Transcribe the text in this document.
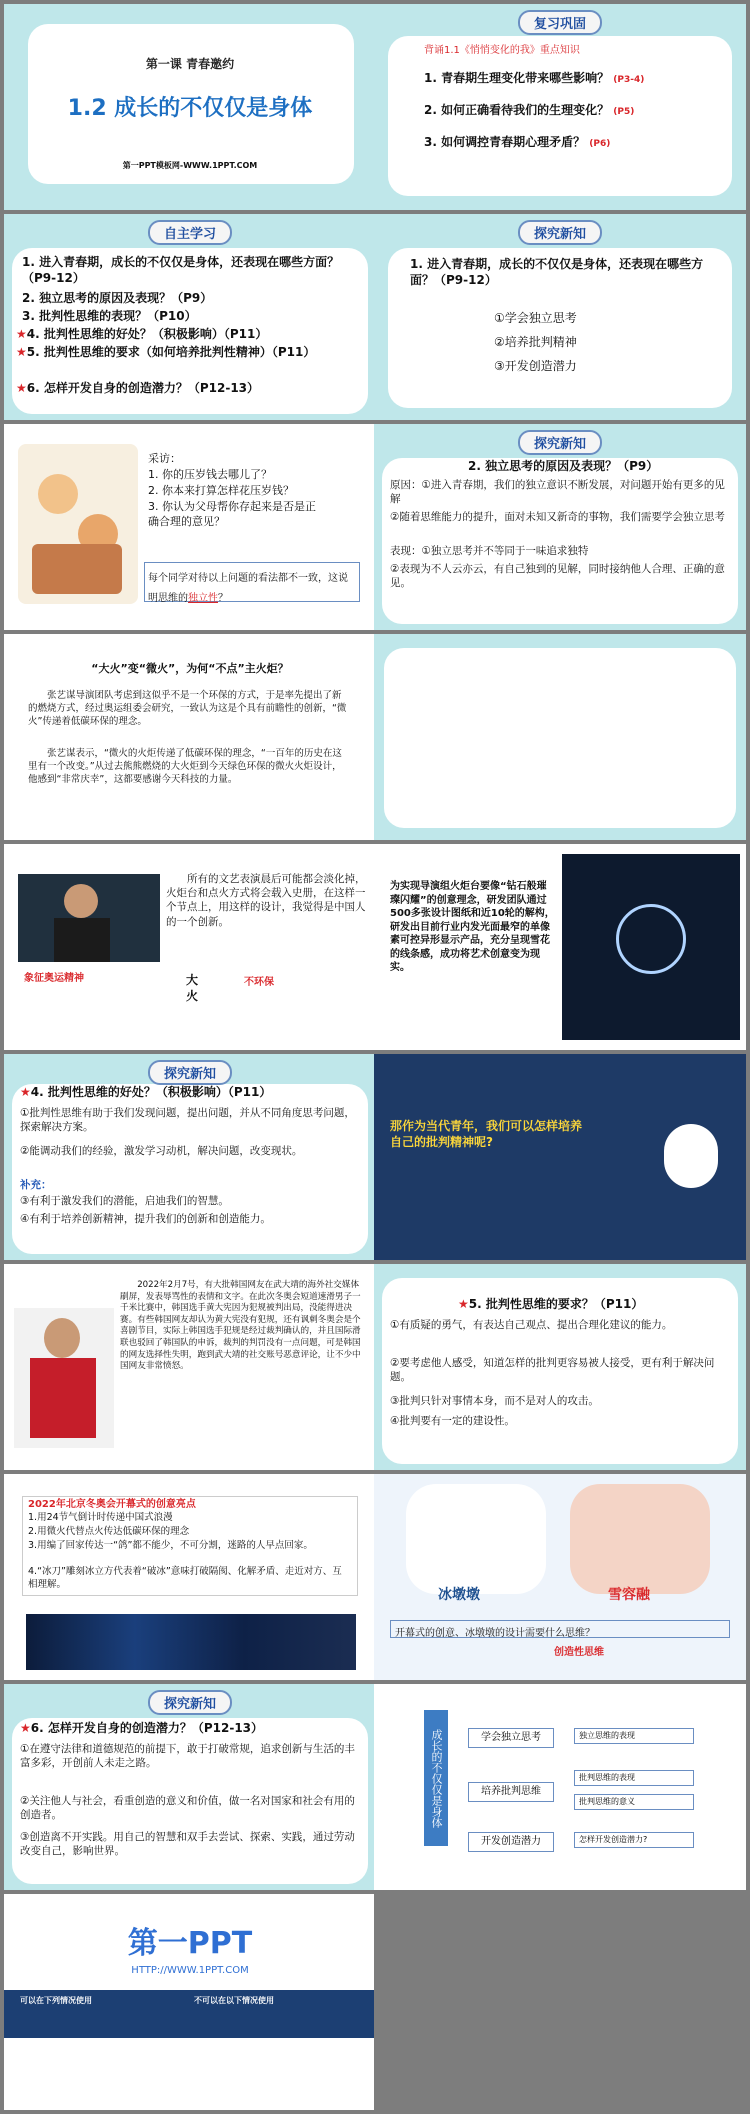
第一课 青春邀约
1.2 成长的不仅仅是身体
第一PPT模板网-WWW.1PPT.COM
复习巩固
背诵1.1《悄悄变化的我》重点知识
1. 青春期生理变化带来哪些影响？ (P3-4)
2. 如何正确看待我们的生理变化？ (P5)
3. 如何调控青春期心理矛盾？ (P6)
自主学习
1. 进入青春期，成长的不仅仅是身体，还表现在哪些方面？（P9-12）
2. 独立思考的原因及表现？（P9）
3. 批判性思维的表现？（P10）
★4. 批判性思维的好处？（积极影响）（P11）
★5. 批判性思维的要求（如何培养批判性精神）（P11）
★6. 怎样开发自身的创造潜力？（P12-13）
探究新知
1. 进入青春期，成长的不仅仅是身体，还表现在哪些方面？（P9-12）
①学会独立思考
②培养批判精神
③开发创造潜力
采访：
1. 你的压岁钱去哪儿了？
2. 你本来打算怎样花压岁钱？
3. 你认为父母帮你存起来是否是正确合理的意见？
每个同学对待以上问题的看法都不一致，这说明思维的独立性？
探究新知
2. 独立思考的原因及表现？（P9）
原因：①进入青春期，我们的独立意识不断发展，对问题开始有更多的见解
②随着思维能力的提升，面对未知又新奇的事物，我们需要学会独立思考
表现：①独立思考并不等同于一味追求独特
②表现为不人云亦云，有自己独到的见解，同时接纳他人合理、正确的意见。
“大火”变“微火”，为何“不点”主火炬？
张艺谋导演团队考虑到这似乎不是一个环保的方式，于是率先提出了新的燃烧方式，经过奥运组委会研究，一致认为这是个具有前瞻性的创新，“微火”传递着低碳环保的理念。
张艺谋表示，“微火的火炬传递了低碳环保的理念，“一百年的历史在这里有一个改变。”从过去熊熊燃烧的大火炬到今天绿色环保的微火火炬设计，他感到“非常庆幸”，这都要感谢今天科技的力量。
所有的文艺表演晨后可能都会淡化掉，火炬台和点火方式将会载入史册，在这样一个节点上，用这样的设计，我觉得是中国人的一个创新。
象征奥运精神	大 火
不环保
为实现导演组火炬台要像“钻石般璀璨闪耀”的创意理念，研发团队通过500多张设计图纸和近10轮的解构，研发出目前行业内发光面最窄的单像素可控异形显示产品，充分呈现雪花的线条感，成功将艺术创意变为现实。
探究新知
★4. 批判性思维的好处？（积极影响）（P11）
①批判性思维有助于我们发现问题，提出问题，并从不同角度思考问题，探索解决方案。
②能调动我们的经验，激发学习动机，解决问题，改变现状。
补充：
③有利于激发我们的潜能，启迪我们的智慧。
④有利于培养创新精神，提升我们的创新和创造能力。
那作为当代青年，我们可以怎样培养自己的批判精神呢?
2022年2月7号，有大批韩国网友在武大靖的海外社交媒体刷屏，发表辱骂性的表情和文字。在此次冬奥会短道速滑男子一千米比赛中，韩国选手黄大宪因为犯规被判出局，没能得进决赛。有些韩国网友却认为黄大宪没有犯规，还有讽刺冬奥会是个喜剧节目，实际上韩国选手犯规是经过裁判确认的，并且国际滑联也驳回了韩国队的申诉，裁判的判罚没有一点问题，可是韩国的网友选择性失明，跑到武大靖的社交账号恶意评论，让不少中国网友非常愤怒。
★5. 批判性思维的要求？（P11）
①有质疑的勇气，有表达自己观点、提出合理化建议的能力。
②要考虑他人感受，知道怎样的批判更容易被人接受，更有利于解决问题。
③批判只针对事情本身，而不是对人的攻击。
④批判要有一定的建设性。
2022年北京冬奥会开幕式的创意亮点
1.用24节气倒计时传递中国式浪漫
2.用微火代替点火传达低碳环保的理念
3.用编了回家传达一“鸽”都不能少，不可分割，迷路的人早点回家。
4.“冰刀”雕刻冰立方代表着“破冰”意味打破隔阂、化解矛盾、走近对方、互相理解。
冰墩墩	雪容融
开幕式的创意、冰墩墩的设计需要什么思维？
创造性思维
探究新知
★6. 怎样开发自身的创造潜力？（P12-13）
①在遵守法律和道德规范的前提下，敢于打破常规，追求创新与生活的丰富多彩，开创前人未走之路。
②关注他人与社会，看重创造的意义和价值，做一名对国家和社会有用的创造者。
③创造离不开实践。用自己的智慧和双手去尝试、探索、实践，通过劳动改变自己，影响世界。
成长的不仅仅是身体	学会独立思考
培养批判思维
开发创造潜力
独立思维的表现
批判思维的表现
批判思维的意义
怎样开发创造潜力?
第一PPT
HTTP://WWW.1PPT.COM
可以在下列情况使用	不可以在以下情况使用
